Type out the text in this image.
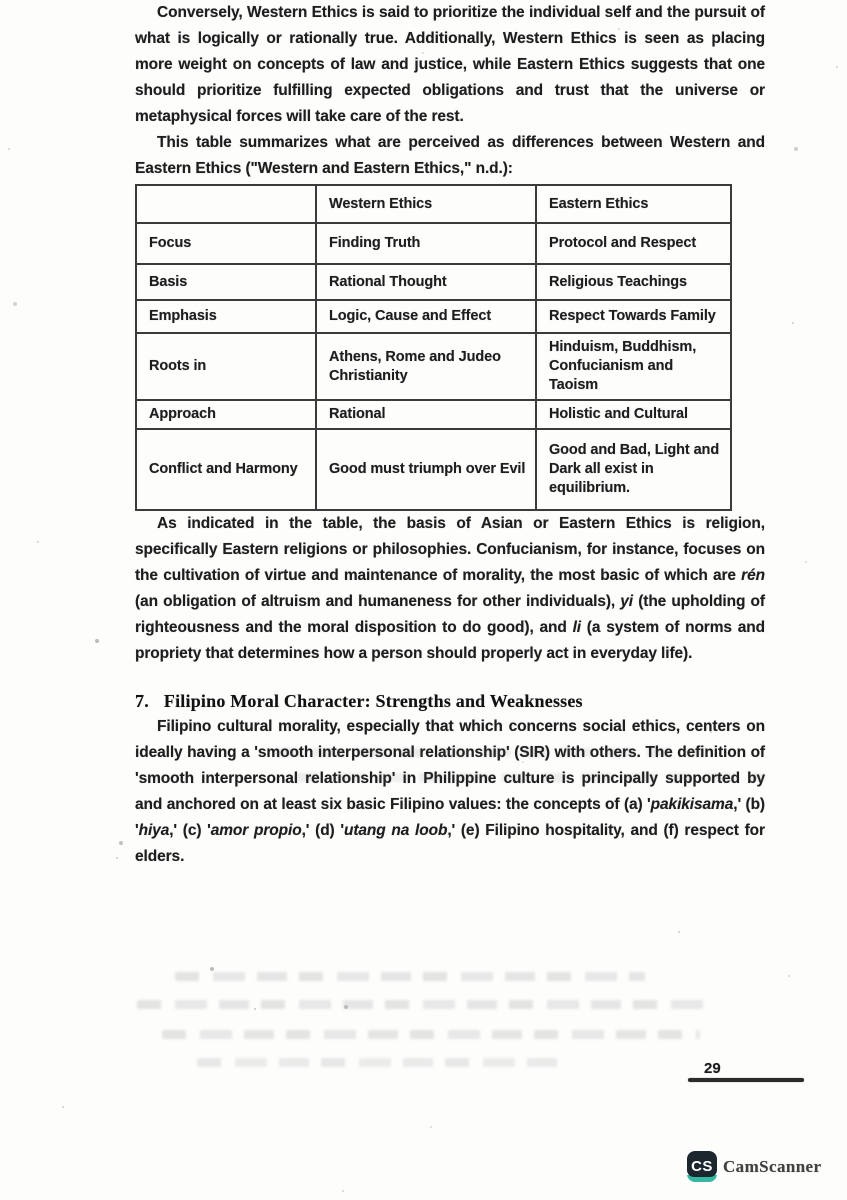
Conversely, Western Ethics is said to prioritize the individual self and the pursuit of what is logically or rationally true. Additionally, Western Ethics is seen as placing more weight on concepts of law and justice, while Eastern Ethics suggests that one should prioritize fulfilling expected obligations and trust that the universe or metaphysical forces will take care of the rest.

This table summarizes what are perceived as differences between Western and Eastern Ethics ("Western and Eastern Ethics," n.d.):

	Western Ethics	Eastern Ethics
Focus	Finding Truth	Protocol and Respect
Basis	Rational Thought	Religious Teachings
Emphasis	Logic, Cause and Effect	Respect Towards Family
Roots in	Athens, Rome and Judeo Christianity	Hinduism, Buddhism, Confucianism and Taoism
Approach	Rational	Holistic and Cultural
Conflict and Harmony	Good must triumph over Evil	Good and Bad, Light and Dark all exist in equilibrium.

As indicated in the table, the basis of Asian or Eastern Ethics is religion, specifically Eastern religions or philosophies. Confucianism, for instance, focuses on the cultivation of virtue and maintenance of morality, the most basic of which are rén (an obligation of altruism and humaneness for other individuals), yi (the upholding of righteousness and the moral disposition to do good), and li (a system of norms and propriety that determines how a person should properly act in everyday life).

7. Filipino Moral Character: Strengths and Weaknesses

Filipino cultural morality, especially that which concerns social ethics, centers on ideally having a 'smooth interpersonal relationship' (SIR) with others. The definition of 'smooth interpersonal relationship' in Philippine culture is principally supported by and anchored on at least six basic Filipino values: the concepts of (a) 'pakikisama,' (b) 'hiya,' (c) 'amor propio,' (d) 'utang na loob,' (e) Filipino hospitality, and (f) respect for elders.

29
CS CamScanner
